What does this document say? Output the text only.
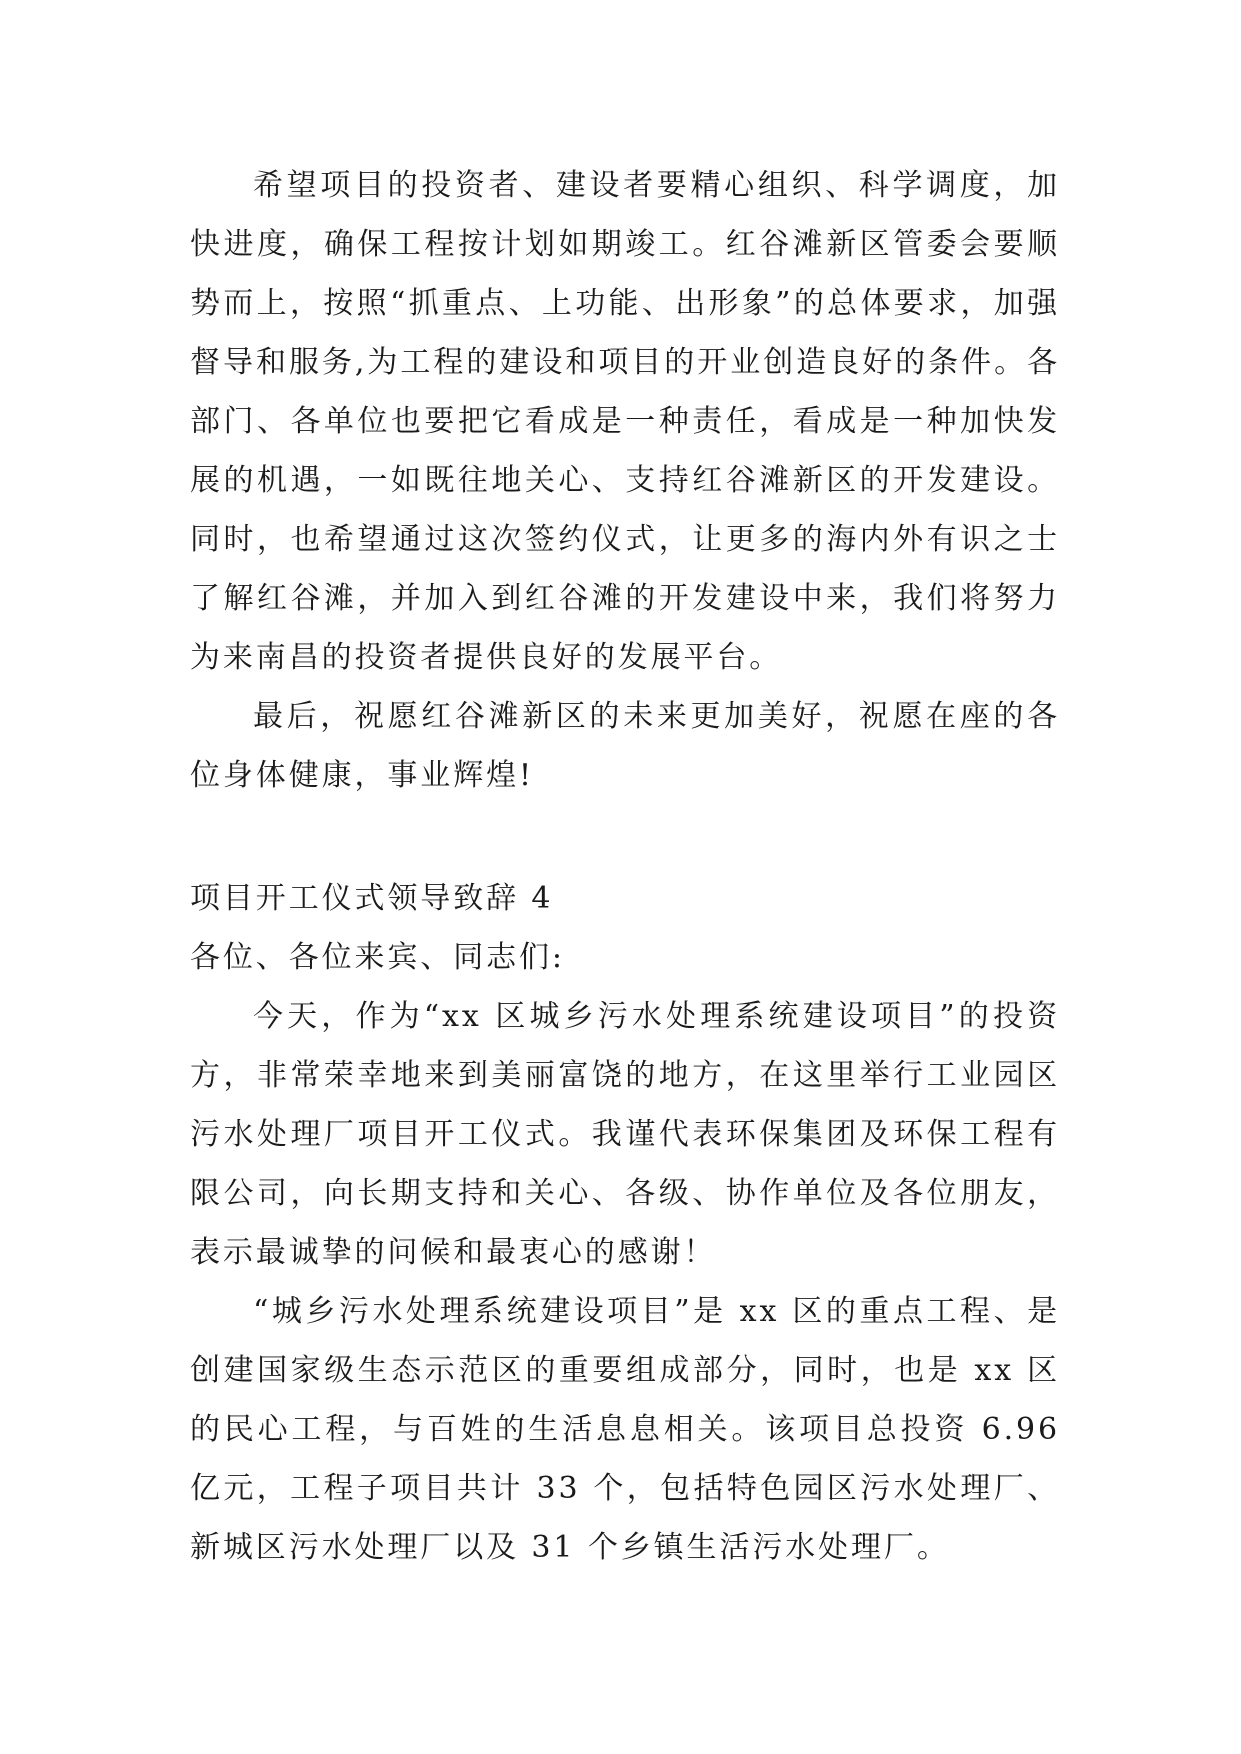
希望项目的投资者、建设者要精心组织、科学调度，加快进度，确保工程按计划如期竣工。红谷滩新区管委会要顺势而上，按照“抓重点、上功能、出形象”的总体要求，加强督导和服务,为工程的建设和项目的开业创造良好的条件。各部门、各单位也要把它看成是一种责任，看成是一种加快发展的机遇，一如既往地关心、支持红谷滩新区的开发建设。同时，也希望通过这次签约仪式，让更多的海内外有识之士了解红谷滩，并加入到红谷滩的开发建设中来，我们将努力为来南昌的投资者提供良好的发展平台。

最后，祝愿红谷滩新区的未来更加美好，祝愿在座的各位身体健康，事业辉煌!

项目开工仪式领导致辞 4

各位、各位来宾、同志们:

今天，作为“xx 区城乡污水处理系统建设项目”的投资方，非常荣幸地来到美丽富饶的地方，在这里举行工业园区污水处理厂项目开工仪式。我谨代表环保集团及环保工程有限公司，向长期支持和关心、各级、协作单位及各位朋友，表示最诚挚的问候和最衷心的感谢！

“城乡污水处理系统建设项目”是 xx 区的重点工程、是创建国家级生态示范区的重要组成部分，同时，也是 xx 区的民心工程，与百姓的生活息息相关。该项目总投资 6.96 亿元，工程子项目共计 33 个，包括特色园区污水处理厂、新城区污水处理厂以及 31 个乡镇生活污水处理厂。
